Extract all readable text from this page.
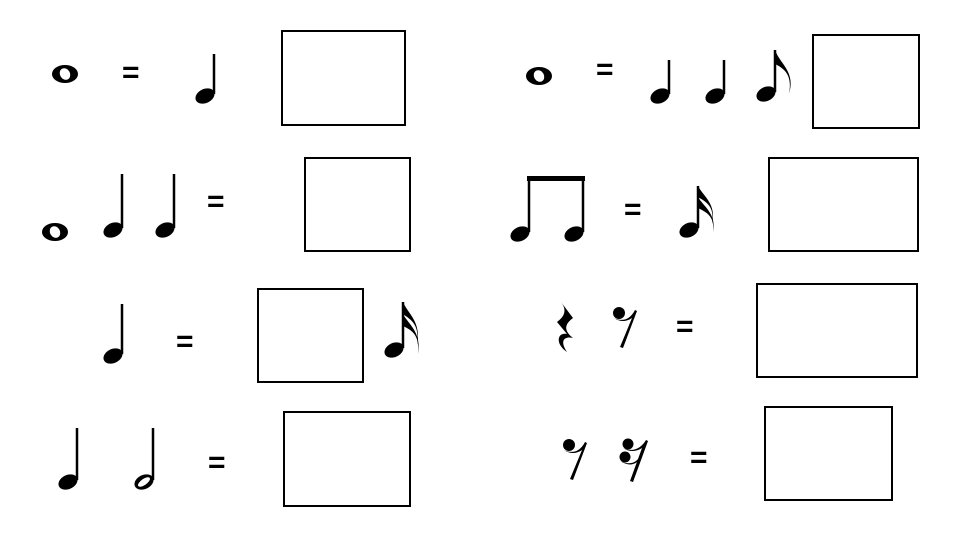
=
=
=
=
=
=
=
=
